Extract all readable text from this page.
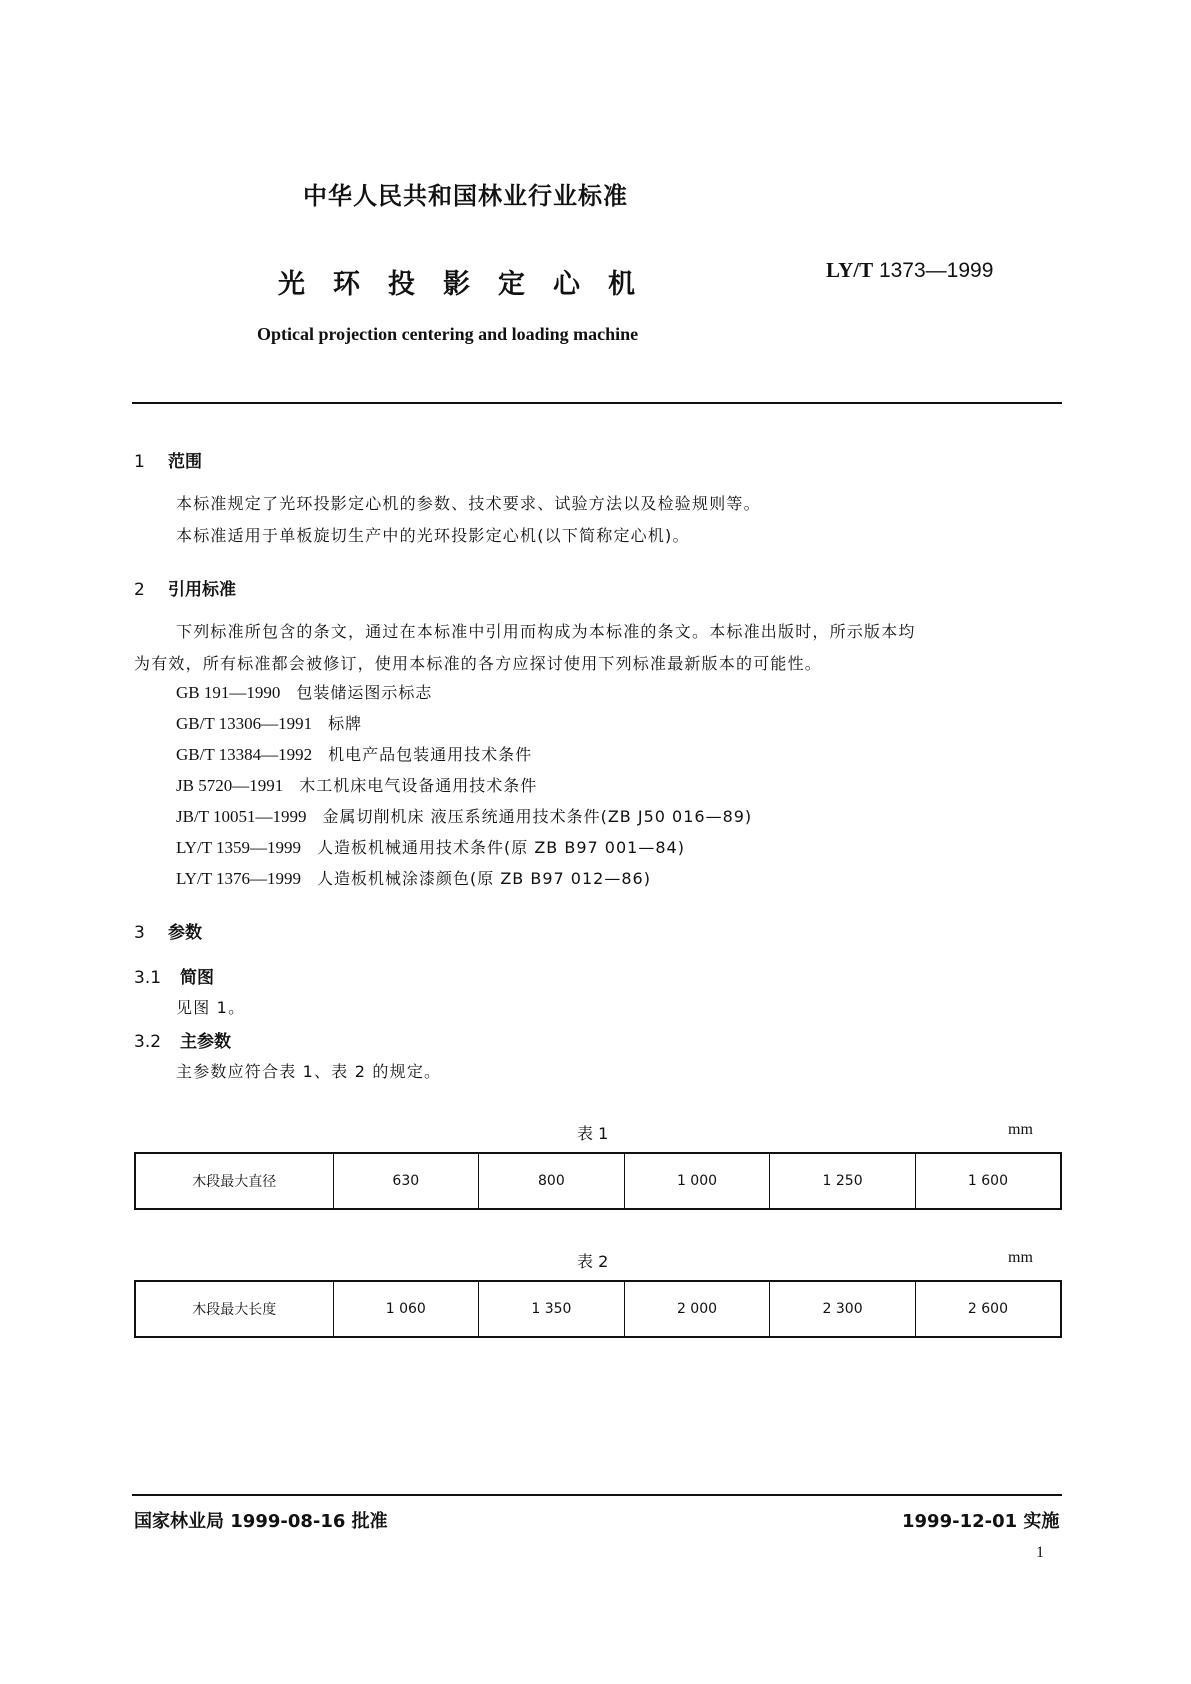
中华人民共和国林业行业标准
光环投影定心机	LY/T 1373—1999
Optical projection centering and loading machine
1 范围
本标准规定了光环投影定心机的参数、技术要求、试验方法以及检验规则等。
本标准适用于单板旋切生产中的光环投影定心机(以下简称定心机)。
2 引用标准
下列标准所包含的条文，通过在本标准中引用而构成为本标准的条文。本标准出版时，所示版本均
为有效，所有标准都会被修订，使用本标准的各方应探讨使用下列标准最新版本的可能性。
GB 191—1990 包装储运图示标志
GB/T 13306—1991 标牌
GB/T 13384—1992 机电产品包装通用技术条件
JB 5720—1991 木工机床电气设备通用技术条件
JB/T 10051—1999 金属切削机床 液压系统通用技术条件(ZB J50 016—89)
LY/T 1359—1999 人造板机械通用技术条件(原 ZB B97 001—84)
LY/T 1376—1999 人造板机械涂漆颜色(原 ZB B97 012—86)
3 参数
3.1 简图
见图 1。
3.2 主参数
主参数应符合表 1、表 2 的规定。
表 1	mm
木段最大直径	630	800	1 000	1 250	1 600
表 2	mm
木段最大长度	1 060	1 350	2 000	2 300	2 600
国家林业局 1999-08-16 批准	1999-12-01 实施
1
